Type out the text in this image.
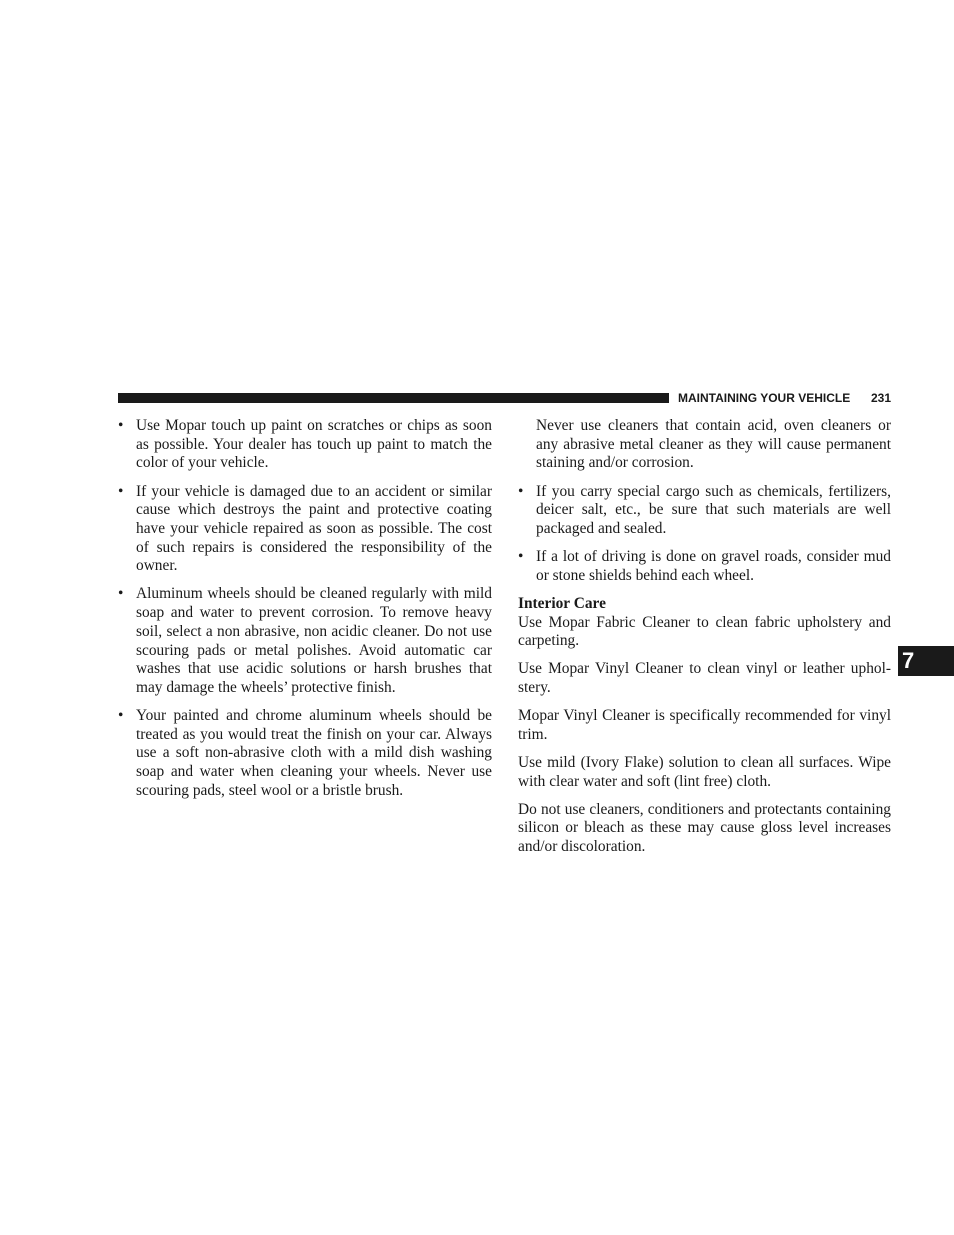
MAINTAINING YOUR VEHICLE 231
• Use Mopar touch up paint on scratches or chips as soon as possible. Your dealer has touch up paint to match the color of your vehicle.
• If your vehicle is damaged due to an accident or similar cause which destroys the paint and protective coating have your vehicle repaired as soon as possible. The cost of such repairs is considered the responsibility of the owner.
• Aluminum wheels should be cleaned regularly with mild soap and water to prevent corrosion. To remove heavy soil, select a non abrasive, non acidic cleaner. Do not use scouring pads or metal polishes. Avoid automatic car washes that use acidic solutions or harsh brushes that may damage the wheels’ protective finish.
• Your painted and chrome aluminum wheels should be treated as you would treat the finish on your car. Always use a soft non-abrasive cloth with a mild dish washing soap and water when cleaning your wheels. Never use scouring pads, steel wool or a bristle brush.
Never use cleaners that contain acid, oven cleaners or any abrasive metal cleaner as they will cause permanent staining and/or corrosion.
• If you carry special cargo such as chemicals, fertilizers, deicer salt, etc., be sure that such materials are well packaged and sealed.
• If a lot of driving is done on gravel roads, consider mud or stone shields behind each wheel.
Interior Care

Use Mopar Fabric Cleaner to clean fabric upholstery and carpeting.

Use Mopar Vinyl Cleaner to clean vinyl or leather upholstery.

Mopar Vinyl Cleaner is specifically recommended for vinyl trim.

Use mild (Ivory Flake) solution to clean all surfaces. Wipe with clear water and soft (lint free) cloth.

Do not use cleaners, conditioners and protectants containing silicon or bleach as these may cause gloss level increases and/or discoloration.

7
